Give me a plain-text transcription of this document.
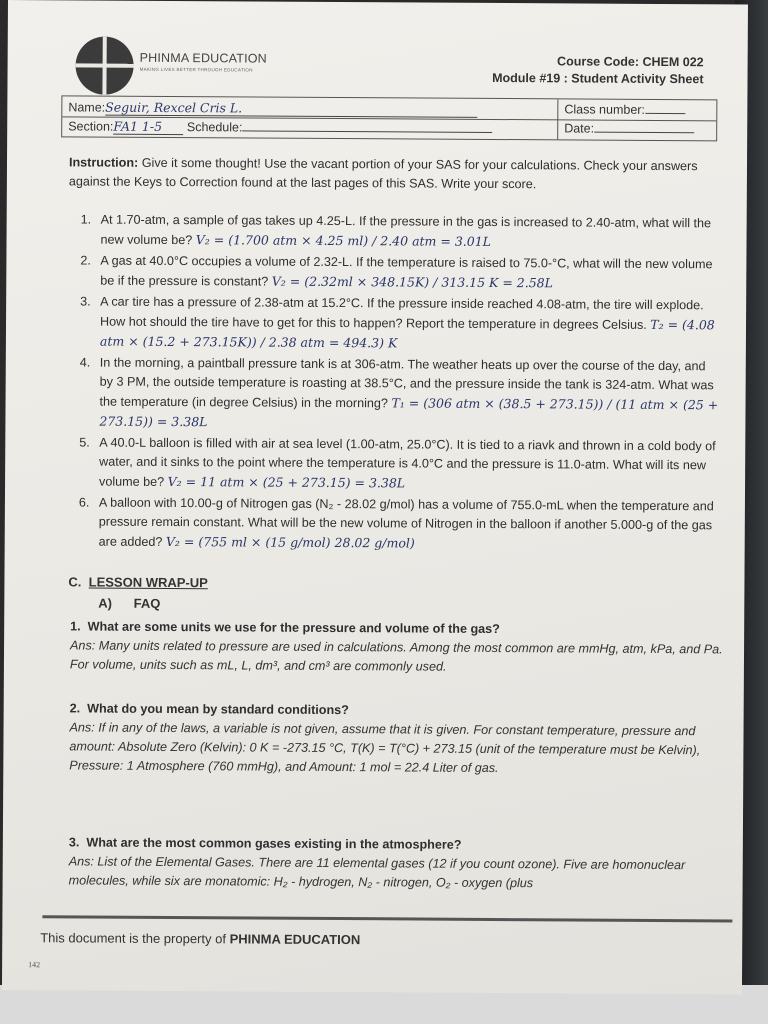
PHINMA EDUCATION
MAKING LIVES BETTER THROUGH EDUCATION
Course Code: CHEM 022
Module #19 : Student Activity Sheet
Name:Seguir, Rexcel Cris L.
Section:FA1 1-5 Schedule:
Class number:
Date:
Instruction: Give it some thought! Use the vacant portion of your SAS for your calculations. Check your answers against the Keys to Correction found at the last pages of this SAS. Write your score.
1. At 1.70-atm, a sample of gas takes up 4.25-L. If the pressure in the gas is increased to 2.40-atm, what will the new volume be? V₂ = (1.700 atm × 4.25 ml) / 2.40 atm = 3.01L
2. A gas at 40.0°C occupies a volume of 2.32-L. If the temperature is raised to 75.0-°C, what will the new volume be if the pressure is constant? V₂ = (2.32ml × 348.15K) / 313.15 K = 2.58L
3. A car tire has a pressure of 2.38-atm at 15.2°C. If the pressure inside reached 4.08-atm, the tire will explode. How hot should the tire have to get for this to happen? Report the temperature in degrees Celsius. T₂ = (4.08 atm × (15.2 + 273.15K)) / 2.38 atm = 494.3) K
4. In the morning, a paintball pressure tank is at 306-atm. The weather heats up over the course of the day, and by 3 PM, the outside temperature is roasting at 38.5°C, and the pressure inside the tank is 324-atm. What was the temperature (in degree Celsius) in the morning? T₁ = (306 atm × (38.5 + 273.15)) / (11 atm × (25 + 273.15)) = 3.38L
5. A 40.0-L balloon is filled with air at sea level (1.00-atm, 25.0°C). It is tied to a riavk and thrown in a cold body of water, and it sinks to the point where the temperature is 4.0°C and the pressure is 11.0-atm. What will its new volume be? V₂ = 11 atm × (25 + 273.15) = 3.38L
6. A balloon with 10.00-g of Nitrogen gas (N₂ - 28.02 g/mol) has a volume of 755.0-mL when the temperature and pressure remain constant. What will be the new volume of Nitrogen in the balloon if another 5.000-g of the gas are added? V₂ = (755 ml × (15 g/mol) 28.02 g/mol)
C. LESSON WRAP-UP
A) FAQ
1. What are some units we use for the pressure and volume of the gas?
Ans: Many units related to pressure are used in calculations. Among the most common are mmHg, atm, kPa, and Pa. For volume, units such as mL, L, dm³, and cm³ are commonly used.
2. What do you mean by standard conditions?
Ans: If in any of the laws, a variable is not given, assume that it is given. For constant temperature, pressure and amount: Absolute Zero (Kelvin): 0 K = -273.15 °C, T(K) = T(°C) + 273.15 (unit of the temperature must be Kelvin), Pressure: 1 Atmosphere (760 mmHg), and Amount: 1 mol = 22.4 Liter of gas.
3. What are the most common gases existing in the atmosphere?
Ans: List of the Elemental Gases. There are 11 elemental gases (12 if you count ozone). Five are homonuclear molecules, while six are monatomic: H₂ - hydrogen, N₂ - nitrogen, O₂ - oxygen (plus
This document is the property of PHINMA EDUCATION
142
